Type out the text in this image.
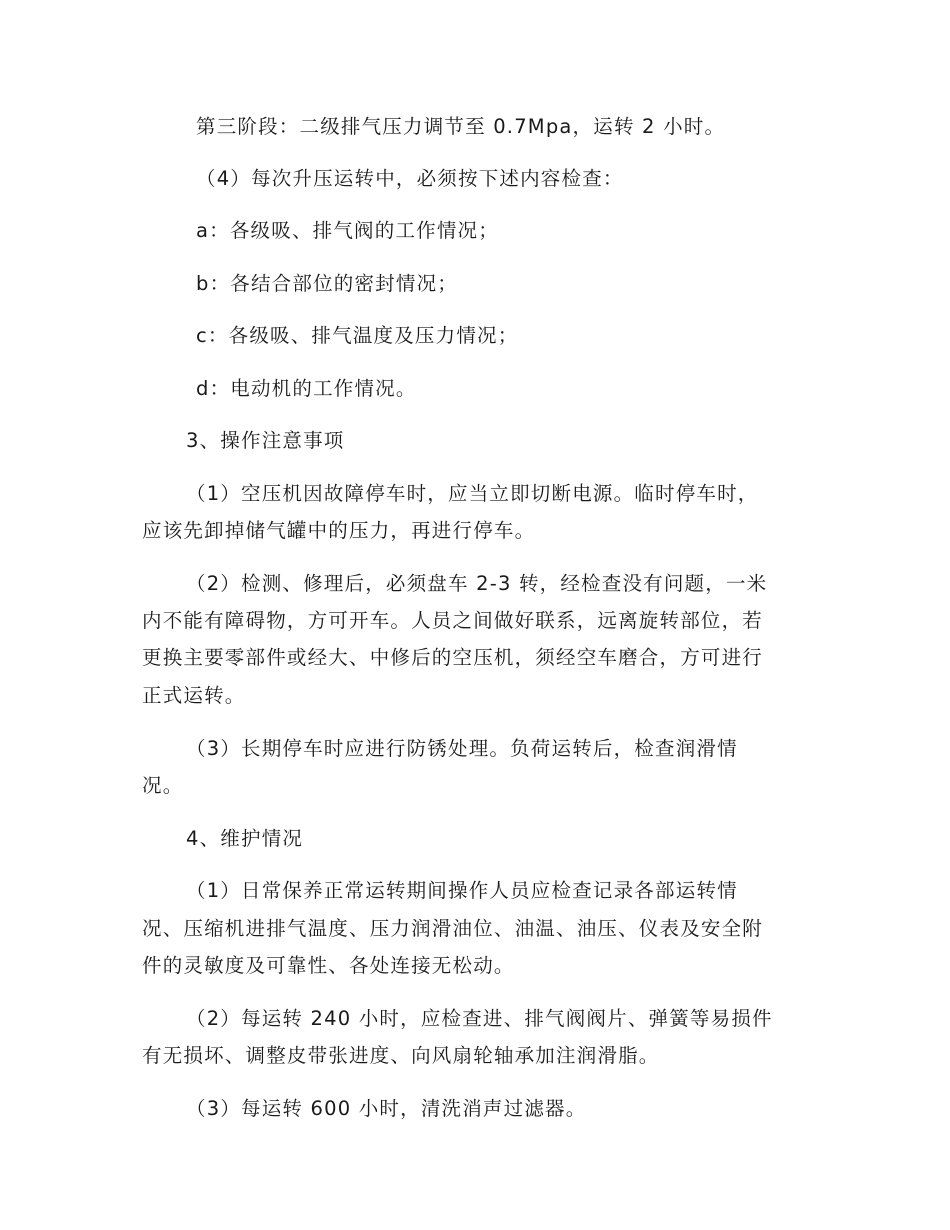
第三阶段：二级排气压力调节至 0.7Mpa，运转 2 小时。
（4）每次升压运转中，必须按下述内容检查：
a：各级吸、排气阀的工作情况；
b：各结合部位的密封情况；
c：各级吸、排气温度及压力情况；
d：电动机的工作情况。
3、操作注意事项
（1）空压机因故障停车时，应当立即切断电源。临时停车时，
应该先卸掉储气罐中的压力，再进行停车。
（2）检测、修理后，必须盘车 2-3 转，经检查没有问题，一米
内不能有障碍物，方可开车。人员之间做好联系，远离旋转部位，若
更换主要零部件或经大、中修后的空压机，须经空车磨合，方可进行
正式运转。
（3）长期停车时应进行防锈处理。负荷运转后，检查润滑情
况。
4、维护情况
（1）日常保养正常运转期间操作人员应检查记录各部运转情
况、压缩机进排气温度、压力润滑油位、油温、油压、仪表及安全附
件的灵敏度及可靠性、各处连接无松动。
（2）每运转 240 小时，应检查进、排气阀阀片、弹簧等易损件
有无损坏、调整皮带张进度、向风扇轮轴承加注润滑脂。
（3）每运转 600 小时，清洗消声过滤器。
